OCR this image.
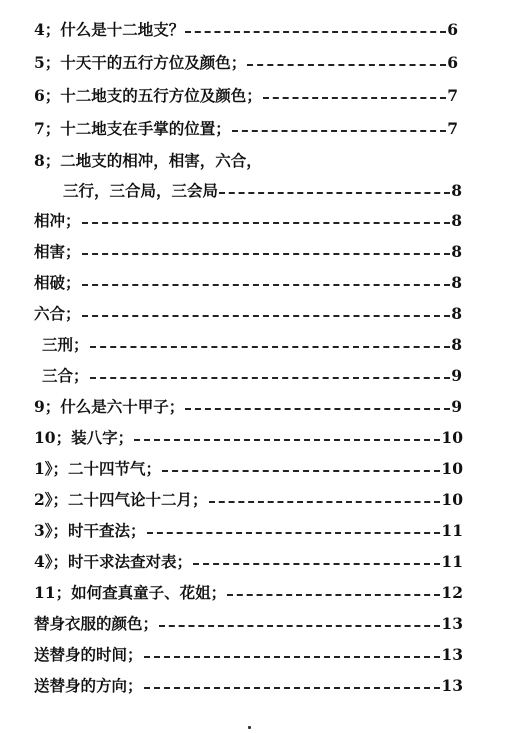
4；什么是十二地支？	6
5；十天干的五行方位及颜色；	6
6；十二地支的五行方位及颜色；	7
7；十二地支在手掌的位置；	7
8；二地支的相冲，相害，六合，
三行，三合局，三会局	8
相冲；	8
相害；	8
相破；	8
六合；	8
三刑；	8
三合；	9
9；什么是六十甲子；	9
10；装八字；	10
1》；二十四节气；	10
2》；二十四气论十二月；	10
3》；时干查法；	11
4》；时干求法查对表；	11
11；如何查真童子、花姐；	12
替身衣服的颜色；	13
送替身的时间；	13
送替身的方向；	13
